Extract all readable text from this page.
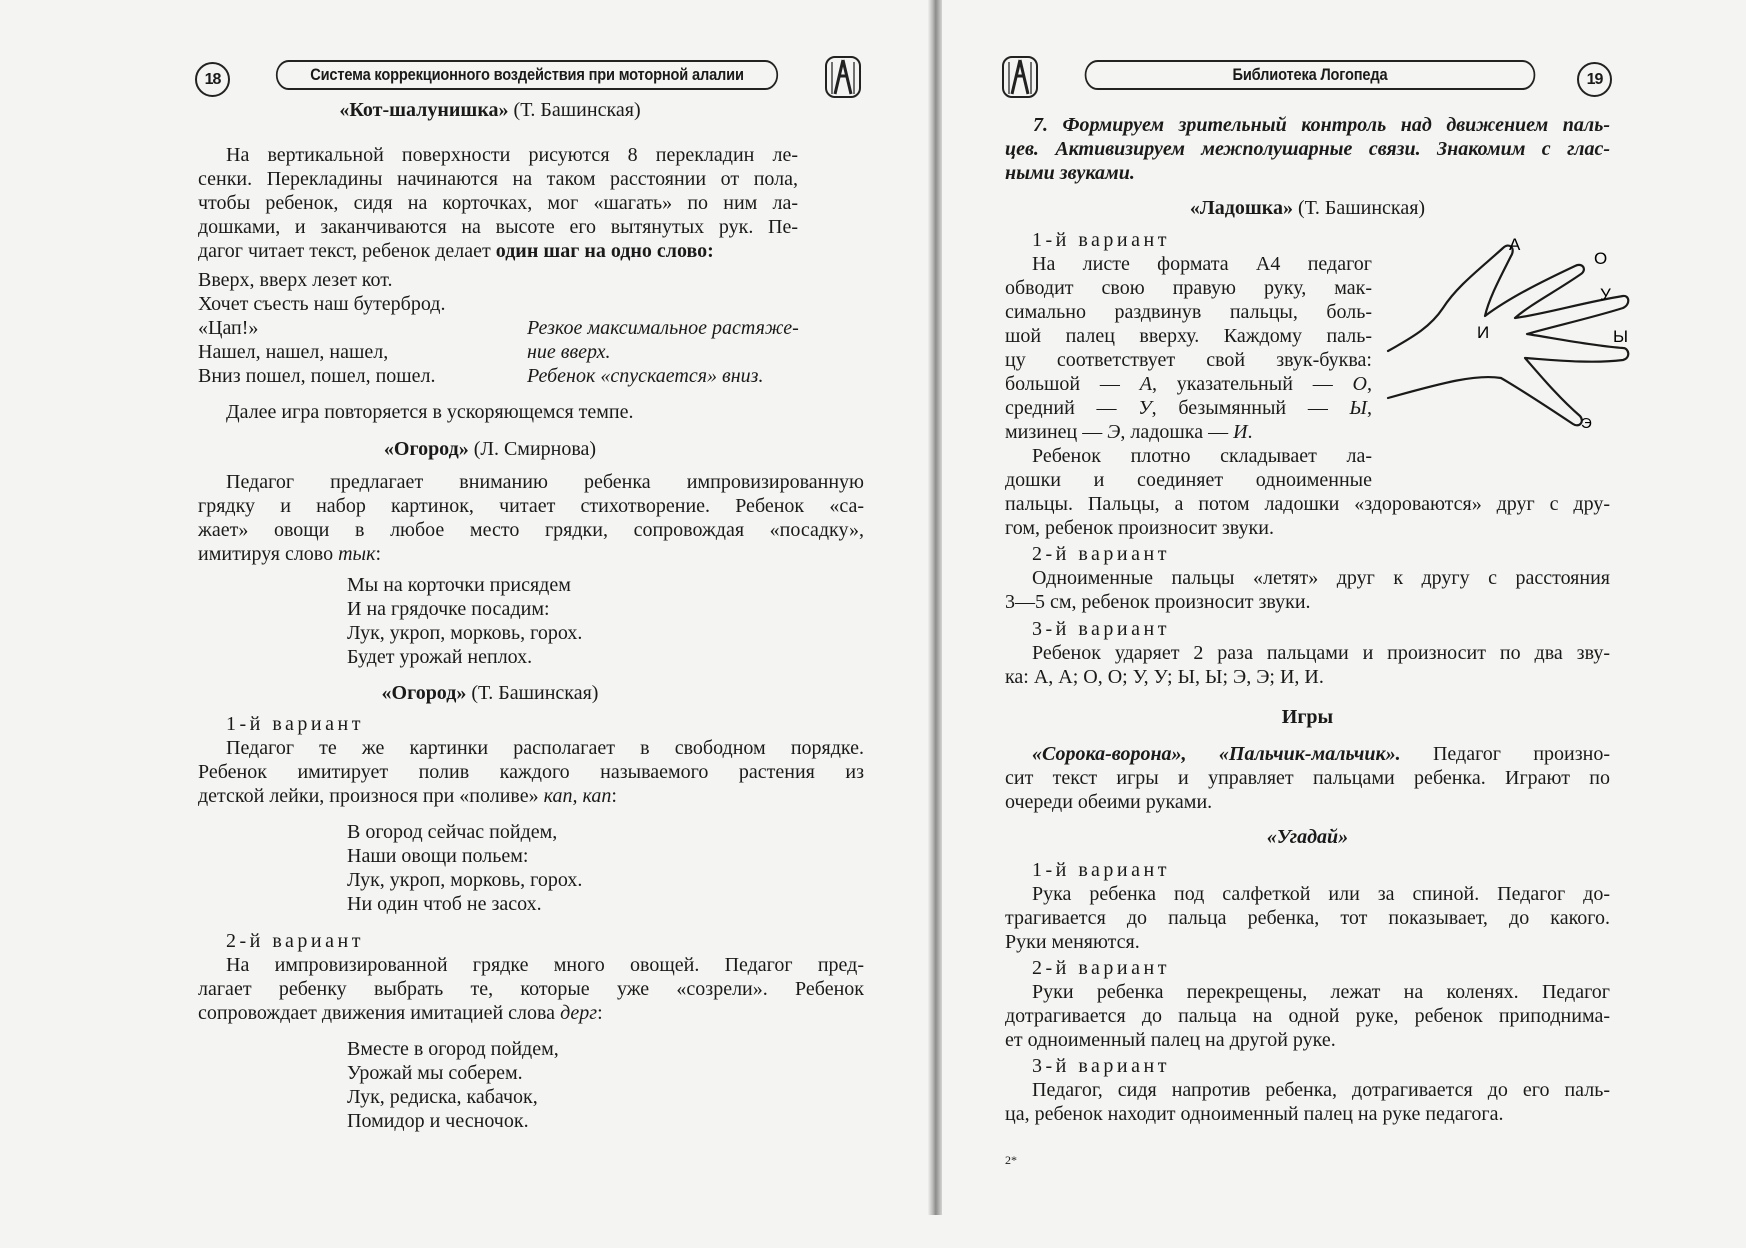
18	Система коррекционного воздействия при моторной алалии
«Кот-шалунишка» (Т. Башинская)

На вертикальной поверхности рисуются 8 перекладин ле-

сенки. Перекладины начинаются на таком расстоянии от пола,

чтобы ребенок, сидя на корточках, мог «шагать» по ним ла-

дошками, и заканчиваются на высоте его вытянутых рук. Пе-

дагог читает текст, ребенок делает один шаг на одно слово:

Вверх, вверх лезет кот.
Хочет съесть наш бутерброд.
«Цап!»
Нашел, нашел, нашел,
Вниз пошел, пошел, пошел.
Резкое максимальное растяже-
ние вверх.
Ребенок «спускается» вниз.
Далее игра повторяется в ускоряющемся темпе.
«Огород» (Л. Смирнова)

Педагог предлагает вниманию ребенка импровизированную

грядку и набор картинок, читает стихотворение. Ребенок «са-

жает» овощи в любое место грядки, сопровождая «посадку»,

имитируя слово тык:

Мы на корточки присядем
И на грядочке посадим:
Лук, укроп, морковь, горох.
Будет урожай неплох.
«Огород» (Т. Башинская)
1-й вариант

Педагог те же картинки располагает в свободном порядке.

Ребенок имитирует полив каждого называемого растения из

детской лейки, произнося при «поливе» кап, кап:

В огород сейчас пойдем,
Наши овощи польем:
Лук, укроп, морковь, горох.
Ни один чтоб не засох.
2-й вариант

На импровизированной грядке много овощей. Педагог пред-

лагает ребенку выбрать те, которые уже «созрели». Ребенок

сопровождает движения имитацией слова дерг:

Вместе в огород пойдем,
Урожай мы соберем.
Лук, редиска, кабачок,
Помидор и чесночок.
Библиотека Логопеда	19

7. Формируем зрительный контроль над движением паль-

цев. Активизируем межполушарные связи. Знакомим с глас-

ными звуками.

«Ладошка» (Т. Башинская)
1-й вариант

На листе формата А4 педагог

обводит свою правую руку, мак-

симально раздвинув пальцы, боль-

шой палец вверху. Каждому паль-

цу соответствует свой звук-буква:

большой — А, указательный — О,

средний — У, безымянный — Ы,

мизинец — Э, ладошка — И.

Ребенок плотно складывает ла-

дошки и соединяет одноименные

пальцы. Пальцы, а потом ладошки «здороваются» друг с дру-

гом, ребенок произносит звуки.

А
О
У
Ы
И
Э
2-й вариант

Одноименные пальцы «летят» друг к другу с расстояния

3—5 см, ребенок произносит звуки.

3-й вариант

Ребенок ударяет 2 раза пальцами и произносит по два зву-

ка: А, А; О, О; У, У; Ы, Ы; Э, Э; И, И.

Игры

«Сорока-ворона», «Пальчик-мальчик». Педагог произно-

сит текст игры и управляет пальцами ребенка. Играют по

очереди обеими руками.

«Угадай»
1-й вариант

Рука ребенка под салфеткой или за спиной. Педагог до-

трагивается до пальца ребенка, тот показывает, до какого.

Руки меняются.

2-й вариант

Руки ребенка перекрещены, лежат на коленях. Педагог

дотрагивается до пальца на одной руке, ребенок приподнима-

ет одноименный палец на другой руке.

3-й вариант

Педагог, сидя напротив ребенка, дотрагивается до его паль-

ца, ребенок находит одноименный палец на руке педагога.

2*
